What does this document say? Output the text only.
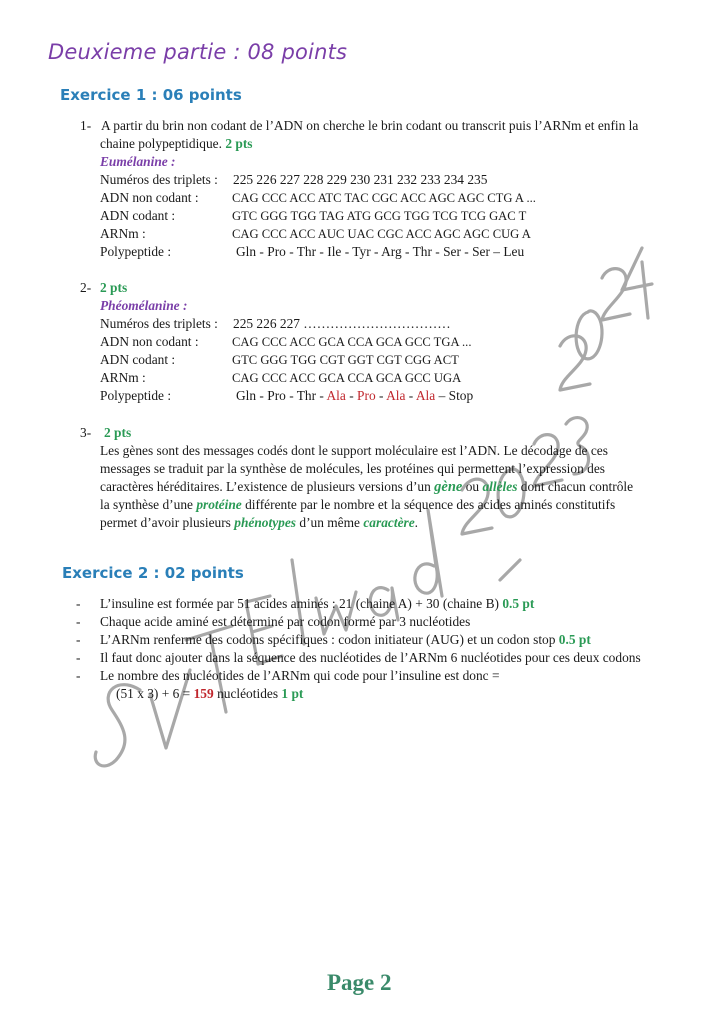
Deuxieme partie : 08 points
Exercice 1 : 06 points
1- A partir du brin non codant de l’ADN on cherche le brin codant ou transcrit puis l’ARNm et enfin la
chaine polypeptidique. 2 pts
Eumélanine :
Numéros des triplets : 225 226 227 228 229 230 231 232 233 234 235
ADN non codant :	CAG CCC ACC ATC TAC CGC ACC AGC AGC CTG A ...
ADN codant :	GTC GGG TGG TAG ATG GCG TGG TCG TCG GAC T
ARNm :	CAG CCC ACC AUC UAC CGC ACC AGC AGC CUG A
Polypeptide :	Gln - Pro - Thr - Ile - Tyr - Arg - Thr - Ser - Ser – Leu
2- 2 pts
Phéomélanine :
Numéros des triplets : 225 226 227 ……………………………
ADN non codant :	CAG CCC ACC GCA CCA GCA GCC TGA ...
ADN codant :	GTC GGG TGG CGT GGT CGT CGG ACT
ARNm :	CAG CCC ACC GCA CCA GCA GCC UGA
Polypeptide :	Gln - Pro - Thr - Ala - Pro - Ala - Ala – Stop
3- 2 pts
Les gènes sont des messages codés dont le support moléculaire est l’ADN. Le décodage de ces
messages se traduit par la synthèse de molécules, les protéines qui permettent l’expression des
caractères héréditaires. L’existence de plusieurs versions d’un gène ou allèles dont chacun contrôle
la synthèse d’une protéine différente par le nombre et la séquence des acides aminés constitutifs
permet d’avoir plusieurs phénotypes d’un même caractère.
Exercice 2 : 02 points
- L’insuline est formée par 51 acides aminés : 21 (chaine A) + 30 (chaine B) 0.5 pt
- Chaque acide aminé est déterminé par codon formé par 3 nucléotides
- L’ARNm renferme des codons spécifiques : codon initiateur (AUG) et un codon stop 0.5 pt
- Il faut donc ajouter dans la séquence des nucléotides de l’ARNm 6 nucléotides pour ces deux codons
- Le nombre des nucléotides de l’ARNm qui code pour l’insuline est donc =
(51 x 3) + 6 = 159 nucléotides 1 pt
Page 2
